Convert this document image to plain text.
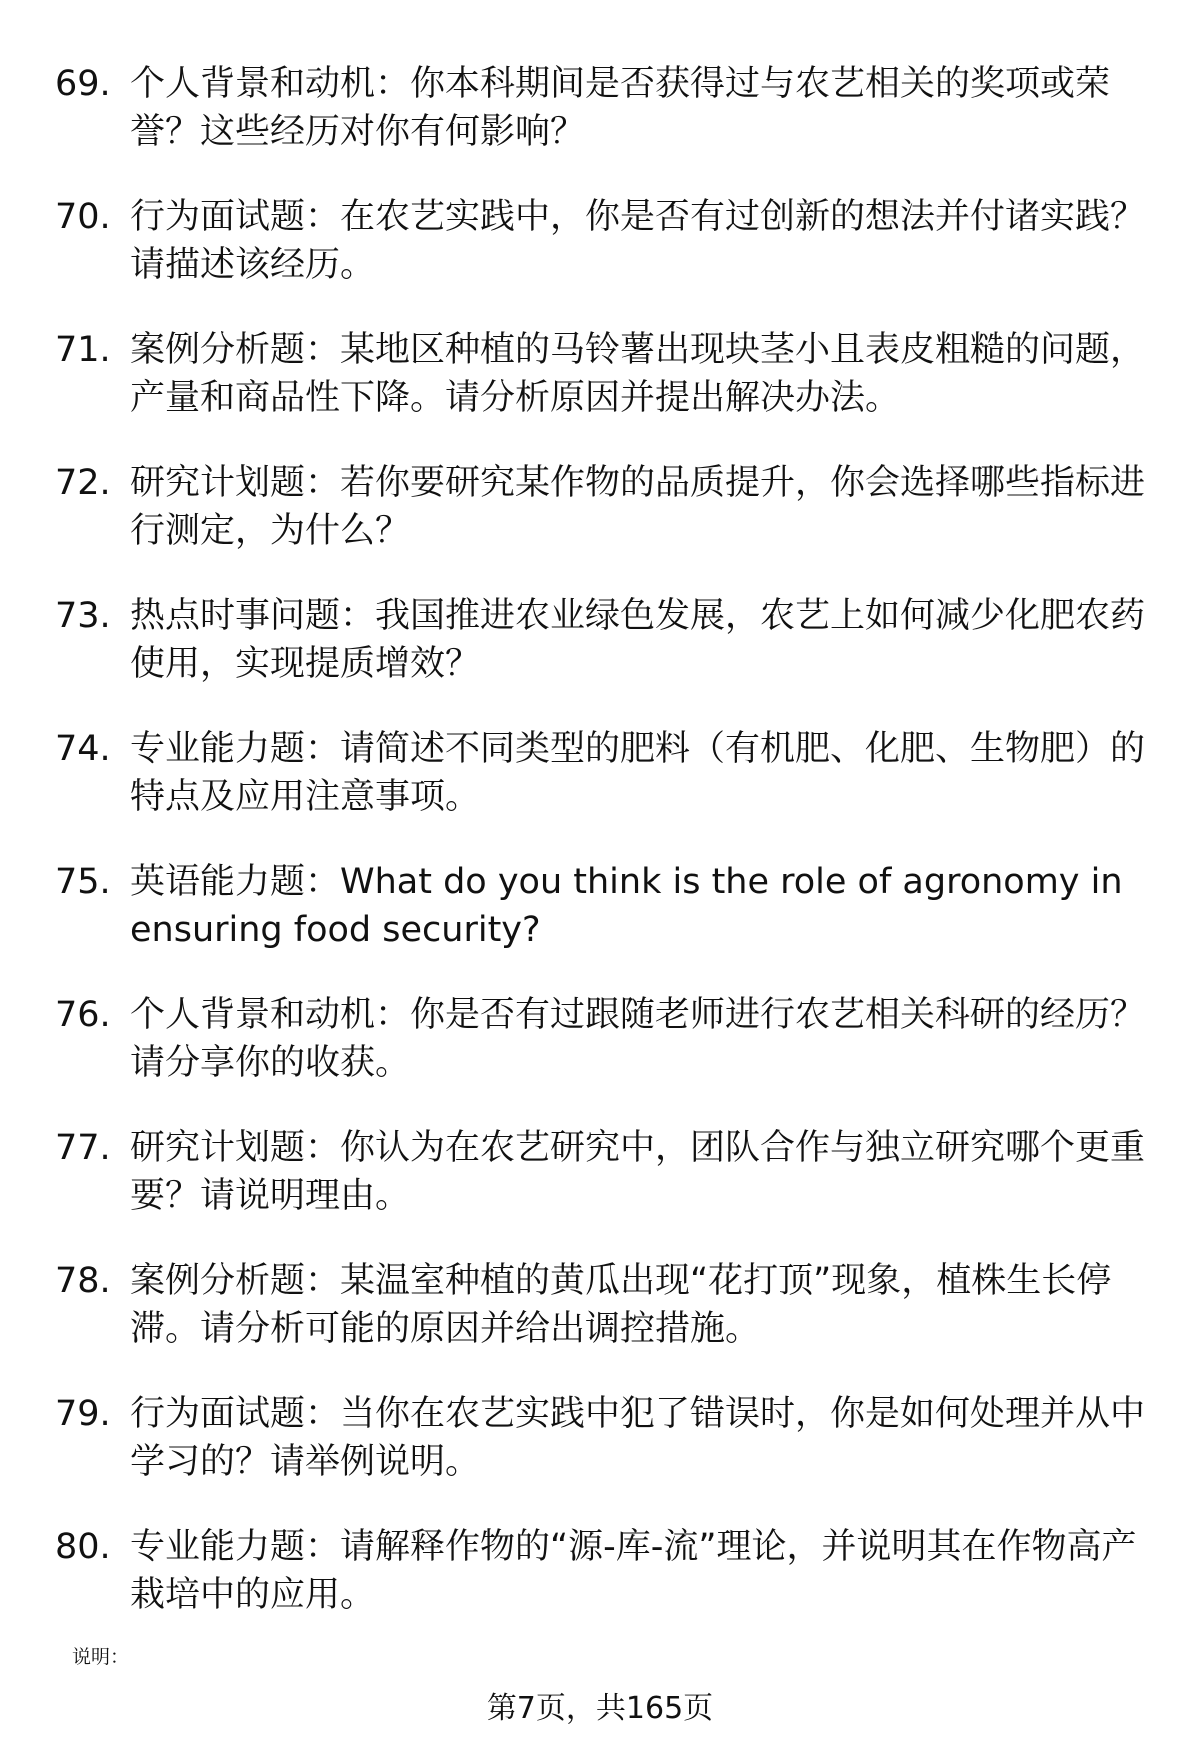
69. 个人背景和动机：你本科期间是否获得过与农艺相关的奖项或荣誉？这些经历对你有何影响？
70. 行为面试题：在农艺实践中，你是否有过创新的想法并付诸实践？请描述该经历。
71. 案例分析题：某地区种植的马铃薯出现块茎小且表皮粗糙的问题，产量和商品性下降。请分析原因并提出解决办法。
72. 研究计划题：若你要研究某作物的品质提升，你会选择哪些指标进行测定，为什么？
73. 热点时事问题：我国推进农业绿色发展，农艺上如何减少化肥农药使用，实现提质增效？
74. 专业能力题：请简述不同类型的肥料（有机肥、化肥、生物肥）的特点及应用注意事项。
75. 英语能力题：What do you think is the role of agronomy in ensuring food security?
76. 个人背景和动机：你是否有过跟随老师进行农艺相关科研的经历？请分享你的收获。
77. 研究计划题：你认为在农艺研究中，团队合作与独立研究哪个更重要？请说明理由。
78. 案例分析题：某温室种植的黄瓜出现“花打顶”现象，植株生长停滞。请分析可能的原因并给出调控措施。
79. 行为面试题：当你在农艺实践中犯了错误时，你是如何处理并从中学习的？请举例说明。
80. 专业能力题：请解释作物的“源-库-流”理论，并说明其在作物高产栽培中的应用。
说明：
第7页，共165页
